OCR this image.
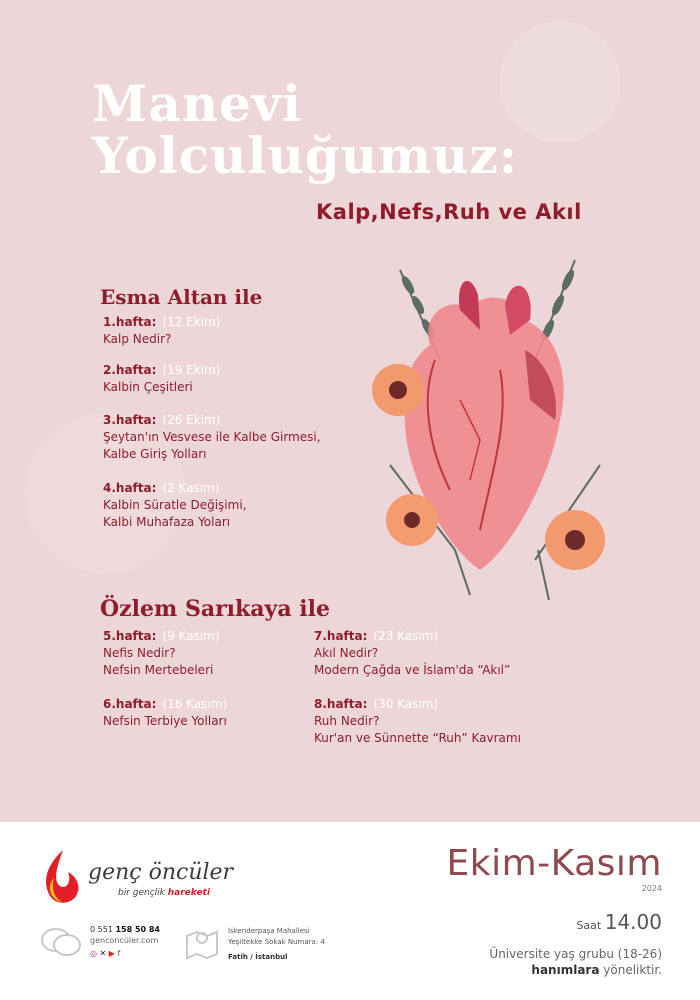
Manevi
Yolculuğumuz:
Kalp,Nefs,Ruh ve Akıl
Esma Altan ile
1.hafta: (12 Ekim)
Kalp Nedir?
2.hafta: (19 Ekim)
Kalbin Çeşitleri
3.hafta: (26 Ekim)
Şeytan'ın Vesvese ile Kalbe Girmesi,
Kalbe Giriş Yolları
4.hafta: (2 Kasım)
Kalbin Süratle Değişimi,
Kalbi Muhafaza Yoları
Özlem Sarıkaya ile
5.hafta: (9 Kasım)
Nefis Nedir?
Nefsin Mertebeleri
6.hafta: (16 Kasım)
Nefsin Terbiye Yolları
7.hafta: (23 Kasım)
Akıl Nedir?
Modern Çağda ve İslam'da “Akıl”
8.hafta: (30 Kasım)
Ruh Nedir?
Kur'an ve Sünnette “Ruh” Kavramı
genç öncüler
bir gençlik hareketi
0 551 158 50 84
genconcüler.com
◎ ✕ ▶ f
İskenderpaşa Mahallesi
Yeşiltekke Sokak Numara: 4
Fatih / İstanbul
Ekim-Kasım
2024
Saat 14.00
Üniversite yaş grubu (18-26)
hanımlara yöneliktir.
